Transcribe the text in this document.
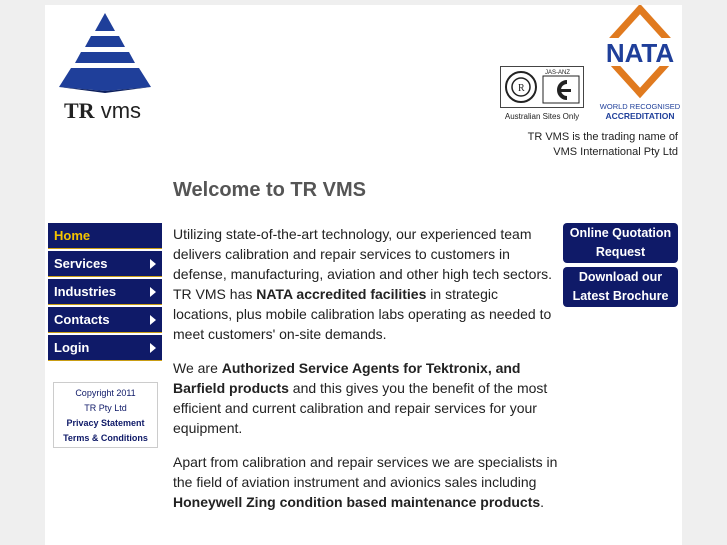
TR vms
R
JAS-ANZ
Australian Sites Only
NATA
WORLD RECOGNISED
ACCREDITATION
TR VMS is the trading name of
VMS International Pty Ltd
Welcome to TR VMS
Home
Services
Industries
Contacts
Login
Copyright 2011
TR Pty Ltd
Privacy Statement
Terms & Conditions

Utilizing state-of-the-art technology, our experienced team delivers calibration and repair services to customers in defense, manufacturing, aviation and other high tech sectors. TR VMS has NATA accredited facilities in strategic locations, plus mobile calibration labs operating as needed to meet customers' on-site demands.

We are Authorized Service Agents for Tektronix, and Barfield products and this gives you the benefit of the most efficient and current calibration and repair services for your equipment.

Apart from calibration and repair services we are specialists in the field of aviation instrument and avionics sales including Honeywell Zing condition based maintenance products.

Online Quotation
Request
Download our
Latest Brochure
